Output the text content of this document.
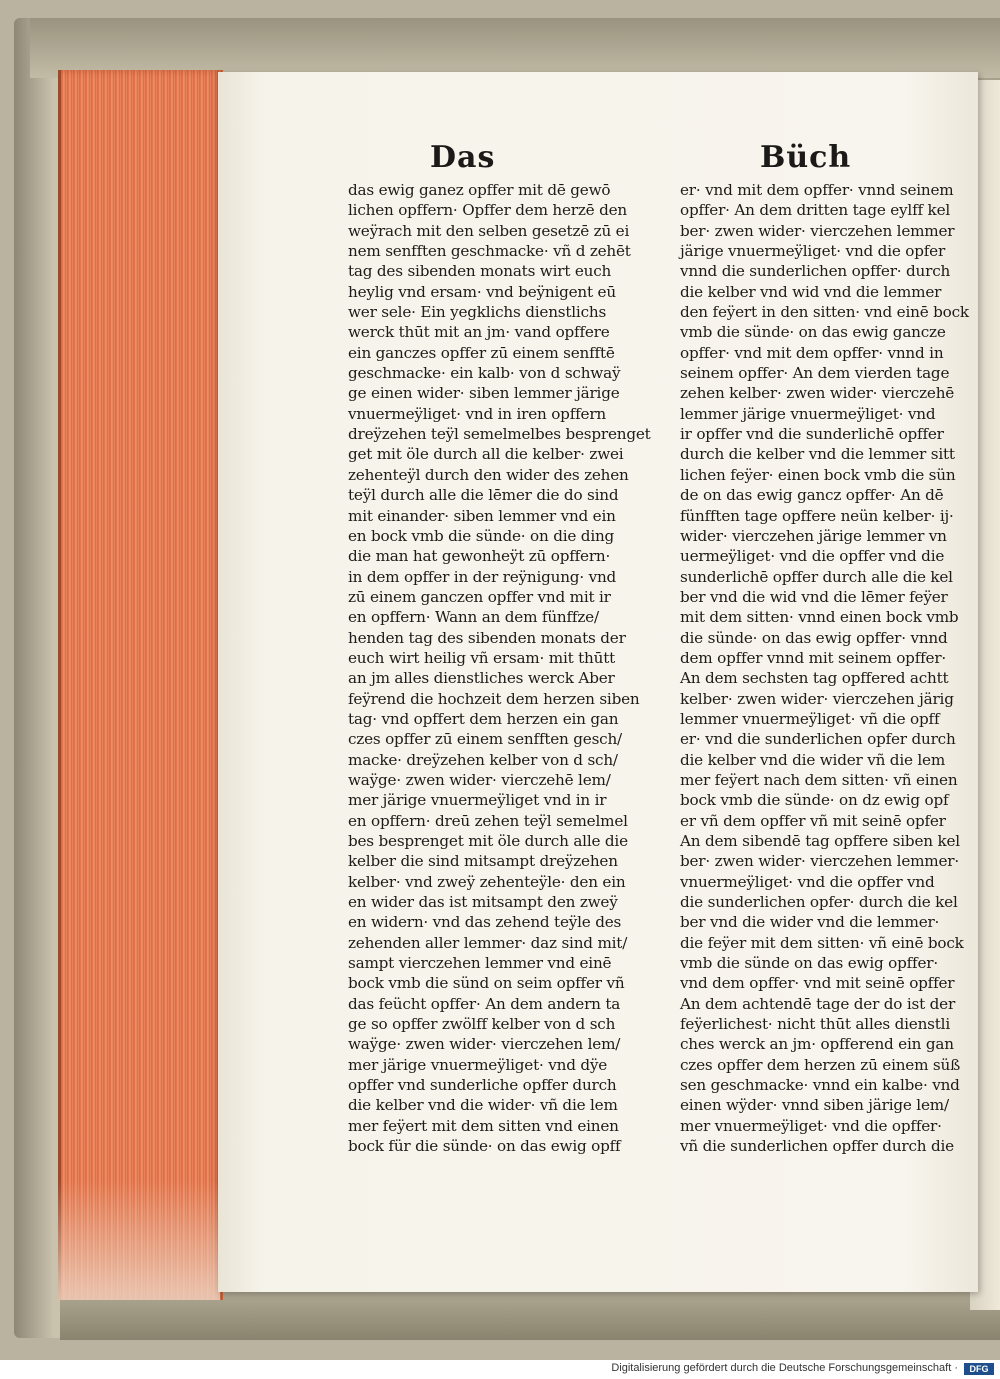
Das	Büch
das ewig ganez opffer mit dē gewō
lichen opffern· Opffer dem herzē den
weÿrach mit den selben gesetzē zū ei
nem senfften geschmacke· vñ d zehēt
tag des sibenden monats wirt euch
heylig vnd ersam· vnd beÿnigent eū
wer sele· Ein yegklichs dienstlichs
werck thūt mit an jm· vand opffere
ein ganczes opffer zū einem senfftē
geschmacke· ein kalb· von d schwaÿ
ge einen wider· siben lemmer järige
vnuermeÿliget· vnd in iren opffern
dreÿzehen teÿl semelmelbes besprenget
get mit öle durch all die kelber· zwei
zehenteÿl durch den wider des zehen
teÿl durch alle die lēmer die do sind
mit einander· siben lemmer vnd ein
en bock vmb die sünde· on die ding
die man hat gewonheÿt zū opffern·
in dem opffer in der reÿnigung· vnd
zū einem ganczen opffer vnd mit ir
en opffern· Wann an dem fünffze/
henden tag des sibenden monats der
euch wirt heilig vñ ersam· mit thūtt
an jm alles dienstliches werck Aber
feÿrend die hochzeit dem herzen siben
tag· vnd opffert dem herzen ein gan
czes opffer zū einem senfften gesch/
macke· dreÿzehen kelber von d sch/
waÿge· zwen wider· vierczehē lem/
mer järige vnuermeÿliget vnd in ir
en opffern· dreū zehen teÿl semelmel
bes besprenget mit öle durch alle die
kelber die sind mitsampt dreÿzehen
kelber· vnd zweÿ zehenteÿle· den ein
en wider das ist mitsampt den zweÿ
en widern· vnd das zehend teÿle des
zehenden aller lemmer· daz sind mit/
sampt vierczehen lemmer vnd einē
bock vmb die sünd on seim opffer vñ
das feücht opffer· An dem andern ta
ge so opffer zwölff kelber von d sch
waÿge· zwen wider· vierczehen lem/
mer järige vnuermeÿliget· vnd dÿe
opffer vnd sunderliche opffer durch
die kelber vnd die wider· vñ die lem
mer feÿert mit dem sitten vnd einen
bock für die sünde· on das ewig opff
er· vnd mit dem opffer· vnnd seinem
opffer· An dem dritten tage eylff kel
ber· zwen wider· vierczehen lemmer
järige vnuermeÿliget· vnd die opfer
vnnd die sunderlichen opffer· durch
die kelber vnd wid vnd die lemmer
den feÿert in den sitten· vnd einē bock
vmb die sünde· on das ewig gancze
opffer· vnd mit dem opffer· vnnd in
seinem opffer· An dem vierden tage
zehen kelber· zwen wider· vierczehē
lemmer järige vnuermeÿliget· vnd
ir opffer vnd die sunderlichē opffer
durch die kelber vnd die lemmer sitt
lichen feÿer· einen bock vmb die sün
de on das ewig gancz opffer· An dē
fünfften tage opffere neün kelber· ij·
wider· vierczehen järige lemmer vn
uermeÿliget· vnd die opffer vnd die
sunderlichē opffer durch alle die kel
ber vnd die wid vnd die lēmer feÿer
mit dem sitten· vnnd einen bock vmb
die sünde· on das ewig opffer· vnnd
dem opffer vnnd mit seinem opffer·
An dem sechsten tag opffered achtt
kelber· zwen wider· vierczehen järig
lemmer vnuermeÿliget· vñ die opff
er· vnd die sunderlichen opfer durch
die kelber vnd die wider vñ die lem
mer feÿert nach dem sitten· vñ einen
bock vmb die sünde· on dz ewig opf
er vñ dem opffer vñ mit seinē opfer
An dem sibendē tag opffere siben kel
ber· zwen wider· vierczehen lemmer·
vnuermeÿliget· vnd die opffer vnd
die sunderlichen opfer· durch die kel
ber vnd die wider vnd die lemmer·
die feÿer mit dem sitten· vñ einē bock
vmb die sünde on das ewig opffer·
vnd dem opffer· vnd mit seinē opffer
An dem achtendē tage der do ist der
feÿerlichest· nicht thūt alles dienstli
ches werck an jm· opfferend ein gan
czes opffer dem herzen zū einem süß
sen geschmacke· vnnd ein kalbe· vnd
einen wÿder· vnnd siben järige lem/
mer vnuermeÿliget· vnd die opffer·
vñ die sunderlichen opffer durch die
Digitalisierung gefördert durch die Deutsche Forschungsgemeinschaft ·	DFG
